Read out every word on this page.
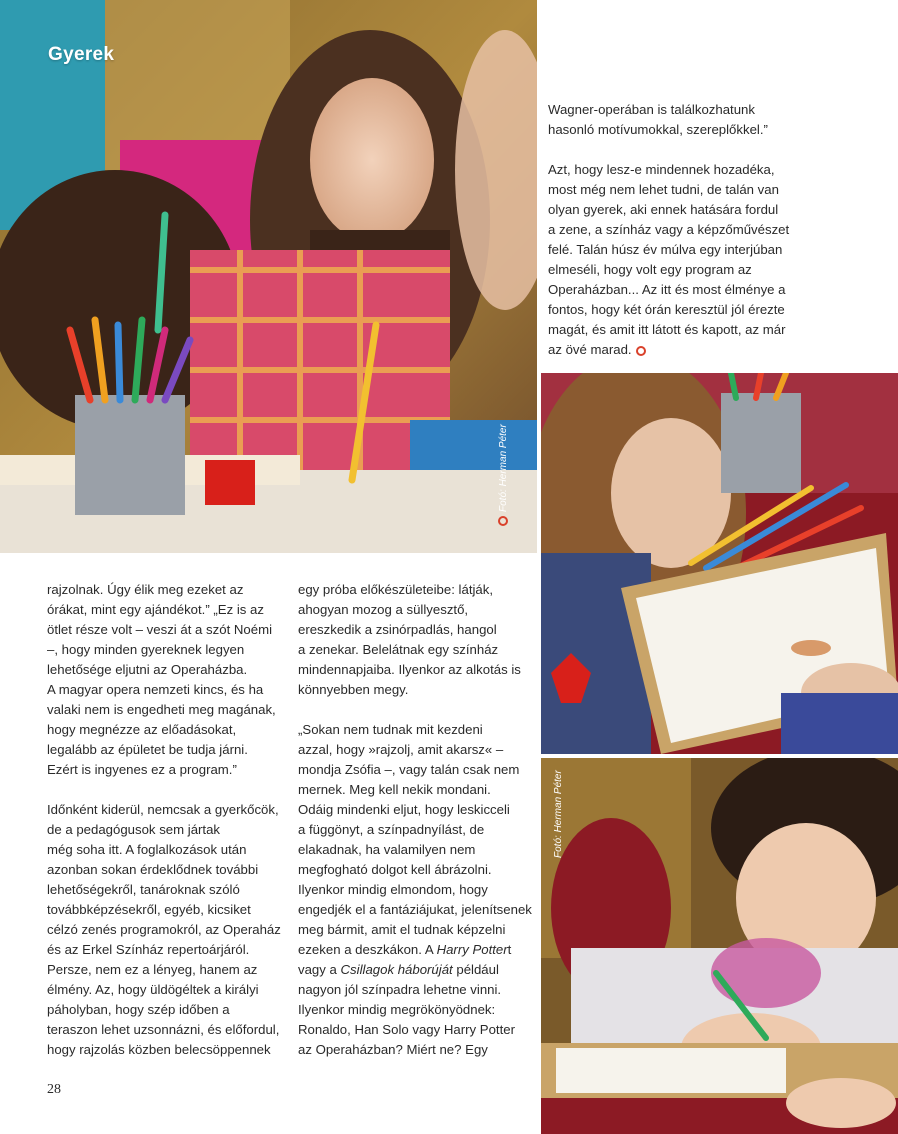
Gyerek
Fotó: Herman Péter
Fotó: Herman Péter

Wagner-operában is találkozhatunk
hasonló motívumokkal, szereplőkkel.”

Azt, hogy lesz-e mindennek hozadéka,
most még nem lehet tudni, de talán van
olyan gyerek, aki ennek hatására fordul
a zene, a színház vagy a képzőművészet
felé. Talán húsz év múlva egy interjúban
elmeséli, hogy volt egy program az
Operaházban... Az itt és most élménye a
fontos, hogy két órán keresztül jól érezte
magát, és amit itt látott és kapott, az már
az övé marad.

rajzolnak. Úgy élik meg ezeket az
órákat, mint egy ajándékot.” „Ez is az
ötlet része volt – veszi át a szót Noémi
–, hogy minden gyereknek legyen
lehetősége eljutni az Operaházba.
A magyar opera nemzeti kincs, és ha
valaki nem is engedheti meg magának,
hogy megnézze az előadásokat,
legalább az épületet be tudja járni.
Ezért is ingyenes ez a program.”

Időnként kiderül, nemcsak a gyerkőcök,
de a pedagógusok sem jártak
még soha itt. A foglalkozások után
azonban sokan érdeklődnek további
lehetőségekről, tanároknak szóló
továbbképzésekről, egyéb, kicsiket
célzó zenés programokról, az Operaház
és az Erkel Színház repertoárjáról.
Persze, nem ez a lényeg, hanem az
élmény. Az, hogy üldögéltek a királyi
páholyban, hogy szép időben a
teraszon lehet uzsonnázni, és előfordul,
hogy rajzolás közben belecsöppennek

egy próba előkészületeibe: látják,
ahogyan mozog a süllyesztő,
ereszkedik a zsinórpadlás, hangol
a zenekar. Belelátnak egy színház
mindennapjaiba. Ilyenkor az alkotás is
könnyebben megy.

„Sokan nem tudnak mit kezdeni
azzal, hogy »rajzolj, amit akarsz« –
mondja Zsófia –, vagy talán csak nem
mernek. Meg kell nekik mondani.
Odáig mindenki eljut, hogy leskicceli
a függönyt, a színpadnyílást, de
elakadnak, ha valamilyen nem
megfogható dolgot kell ábrázolni.
Ilyenkor mindig elmondom, hogy
engedjék el a fantáziájukat, jelenítsenek
meg bármit, amit el tudnak képzelni
ezeken a deszkákon. A Harry Pottert
vagy a Csillagok háborúját például
nagyon jól színpadra lehetne vinni.
Ilyenkor mindig megrökönyödnek:
Ronaldo, Han Solo vagy Harry Potter
az Operaházban? Miért ne? Egy

28
